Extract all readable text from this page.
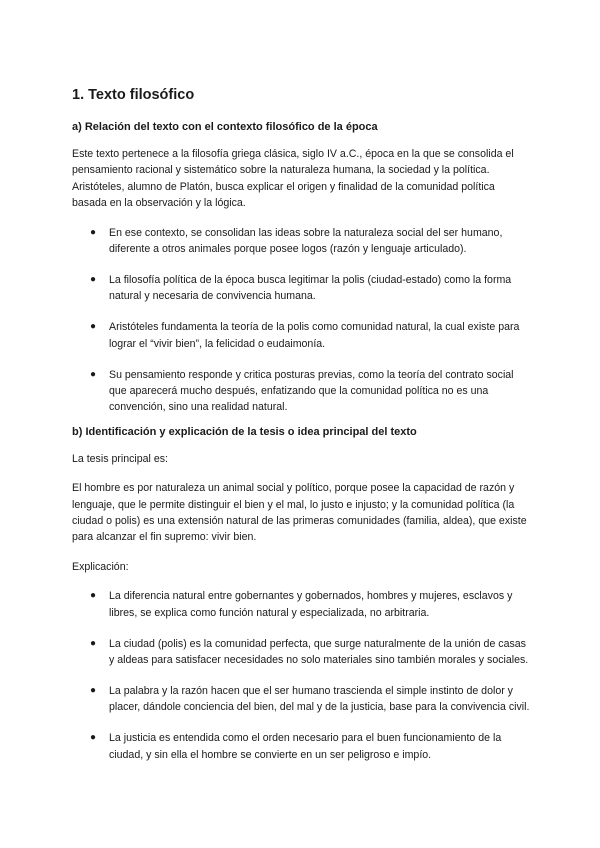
1. Texto filosófico
a) Relación del texto con el contexto filosófico de la época
Este texto pertenece a la filosofía griega clásica, siglo IV a.C., época en la que se consolida el pensamiento racional y sistemático sobre la naturaleza humana, la sociedad y la política. Aristóteles, alumno de Platón, busca explicar el origen y finalidad de la comunidad política basada en la observación y la lógica.
● En ese contexto, se consolidan las ideas sobre la naturaleza social del ser humano, diferente a otros animales porque posee logos (razón y lenguaje articulado).
● La filosofía política de la época busca legitimar la polis (ciudad-estado) como la forma natural y necesaria de convivencia humana.
● Aristóteles fundamenta la teoría de la polis como comunidad natural, la cual existe para lograr el “vivir bien”, la felicidad o eudaimonía.
● Su pensamiento responde y critica posturas previas, como la teoría del contrato social que aparecerá mucho después, enfatizando que la comunidad política no es una convención, sino una realidad natural.
b) Identificación y explicación de la tesis o idea principal del texto
La tesis principal es:
El hombre es por naturaleza un animal social y político, porque posee la capacidad de razón y lenguaje, que le permite distinguir el bien y el mal, lo justo e injusto; y la comunidad política (la ciudad o polis) es una extensión natural de las primeras comunidades (familia, aldea), que existe para alcanzar el fin supremo: vivir bien.
Explicación:
● La diferencia natural entre gobernantes y gobernados, hombres y mujeres, esclavos y libres, se explica como función natural y especializada, no arbitraria.
● La ciudad (polis) es la comunidad perfecta, que surge naturalmente de la unión de casas y aldeas para satisfacer necesidades no solo materiales sino también morales y sociales.
● La palabra y la razón hacen que el ser humano trascienda el simple instinto de dolor y placer, dándole conciencia del bien, del mal y de la justicia, base para la convivencia civil.
● La justicia es entendida como el orden necesario para el buen funcionamiento de la ciudad, y sin ella el hombre se convierte en un ser peligroso e impío.
